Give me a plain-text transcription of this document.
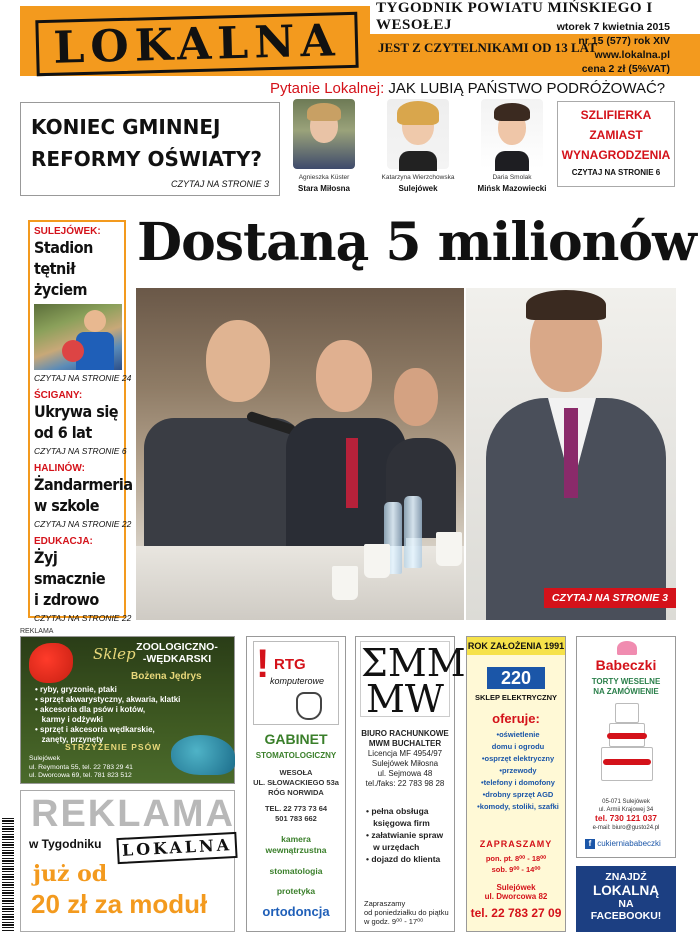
LOKALNA
TYGODNIK POWIATU MIŃSKIEGO I WESOŁEJ
JEST Z CZYTELNIKAMI OD 13 LAT
wtorek 7 kwietnia 2015
nr 15 (577) rok XIV
www.lokalna.pl
cena 2 zł (5%VAT)
Pytanie Lokalnej: JAK LUBIĄ PAŃSTWO PODRÓŻOWAĆ?
KONIEC GMINNEJ
REFORMY OŚWIATY?
CZYTAJ NA STRONIE 3
Agnieszka Küster
Stara Miłosna
Katarzyna Wierzchowska
Sulejówek
Daria Smolak
Mińsk Mazowiecki
SZLIFIERKA
ZAMIAST
WYNAGRODZENIA
CZYTAJ NA STRONIE 6
SULEJÓWEK:
Stadion tętnił
życiem
CZYTAJ NA STRONIE 24
ŚCIGANY:
Ukrywa się
od 6 lat
CZYTAJ NA STRONIE 6
HALINÓW:
Żandarmeria
w szkole
CZYTAJ NA STRONIE 22
EDUKACJA:
Żyj smacznie
i zdrowo
CZYTAJ NA STRONIE 22
Dostaną 5 milionów
CZYTAJ NA STRONIE 3
REKLAMA
Sklep ZOOLOGICZNO-
-WĘDKARSKI
Bożena Jędrys
• ryby, gryzonie, ptaki
• sprzęt akwarystyczny, akwaria, klatki
• akcesoria dla psów i kotów,
karmy i odżywki
• sprzęt i akcesoria wędkarskie,
zanęty, przynęty
STRZYŻENIE PSÓW
Sulejówek
ul. Reymonta 55, tel. 22 783 29 41
ul. Dworcowa 69, tel. 781 823 512
! RTG
komputerowe
GABINET
STOMATOLOGICZNY
WESOŁA
UL. SŁOWACKIEGO 53a
RÓG NORWIDA
TEL. 22 773 73 64
501 783 662
kamera
wewnątrzustna
stomatologia
protetyka
ortodoncja
ΣMM
MW
BIURO RACHUNKOWE
MWM BUCHALTER
Licencja MF 4954/97
Sulejówek Miłosna
ul. Sejmowa 48
tel./faks: 22 783 98 28
• pełna obsługa
księgowa firm
• załatwianie spraw
w urzędach
• dojazd do klienta
Zapraszamy
od poniedziałku do piątku
w godz. 9⁰⁰ - 17⁰⁰
ROK ZAŁOŻENIA 1991
220
SKLEP ELEKTRYCZNY
oferuje:
•oświetlenie
domu i ogrodu
•osprzęt elektryczny
•przewody
•telefony i domofony
•drobny sprzęt AGD
•komody, stoliki, szafki
ZAPRASZAMY
pon. pt. 8⁰⁰ - 18⁰⁰
sob. 9⁰⁰ - 14⁰⁰
Sulejówek
ul. Dworcowa 82
tel. 22 783 27 09
Babeczki
TORTY WESELNE
NA ZAMÓWIENIE
05-071 Sulejówek
ul. Armii Krajowej 34
tel. 730 121 037
e-mail: biuro@gusto24.pl
f cukierniababeczki
ZNAJDŹ
LOKALNĄ
NA
FACEBOOKU!
REKLAMA
w Tygodniku	LOKALNA
już od
20 zł za moduł
